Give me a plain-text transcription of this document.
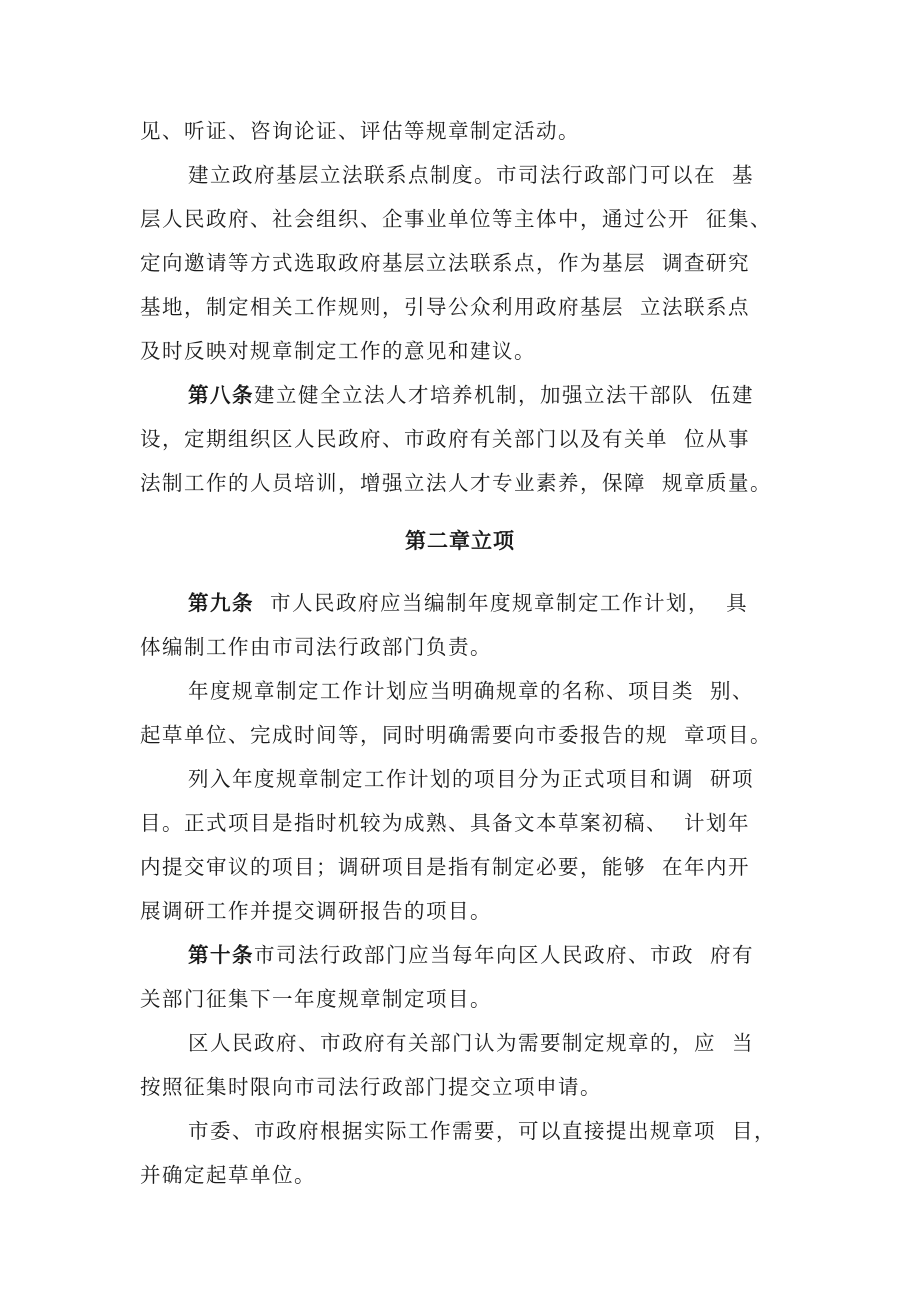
见、听证、咨询论证、评估等规章制定活动。
建立政府基层立法联系点制度。市司法行政部门可以在  基
层人民政府、社会组织、企事业单位等主体中，通过公开  征集、
定向邀请等方式选取政府基层立法联系点，作为基层  调查研究
基地，制定相关工作规则，引导公众利用政府基层  立法联系点
及时反映对规章制定工作的意见和建议。
第八条建立健全立法人才培养机制，加强立法干部队  伍建
设，定期组织区人民政府、市政府有关部门以及有关单  位从事
法制工作的人员培训，增强立法人才专业素养，保障  规章质量。
第二章立项
第九条  市人民政府应当编制年度规章制定工作计划，  具
体编制工作由市司法行政部门负责。
年度规章制定工作计划应当明确规章的名称、项目类  别、
起草单位、完成时间等，同时明确需要向市委报告的规  章项目。
列入年度规章制定工作计划的项目分为正式项目和调  研项
目。正式项目是指时机较为成熟、具备文本草案初稿、  计划年
内提交审议的项目；调研项目是指有制定必要，能够  在年内开
展调研工作并提交调研报告的项目。
第十条市司法行政部门应当每年向区人民政府、市政  府有
关部门征集下一年度规章制定项目。
区人民政府、市政府有关部门认为需要制定规章的，应  当
按照征集时限向市司法行政部门提交立项申请。
市委、市政府根据实际工作需要，可以直接提出规章项  目，
并确定起草单位。
